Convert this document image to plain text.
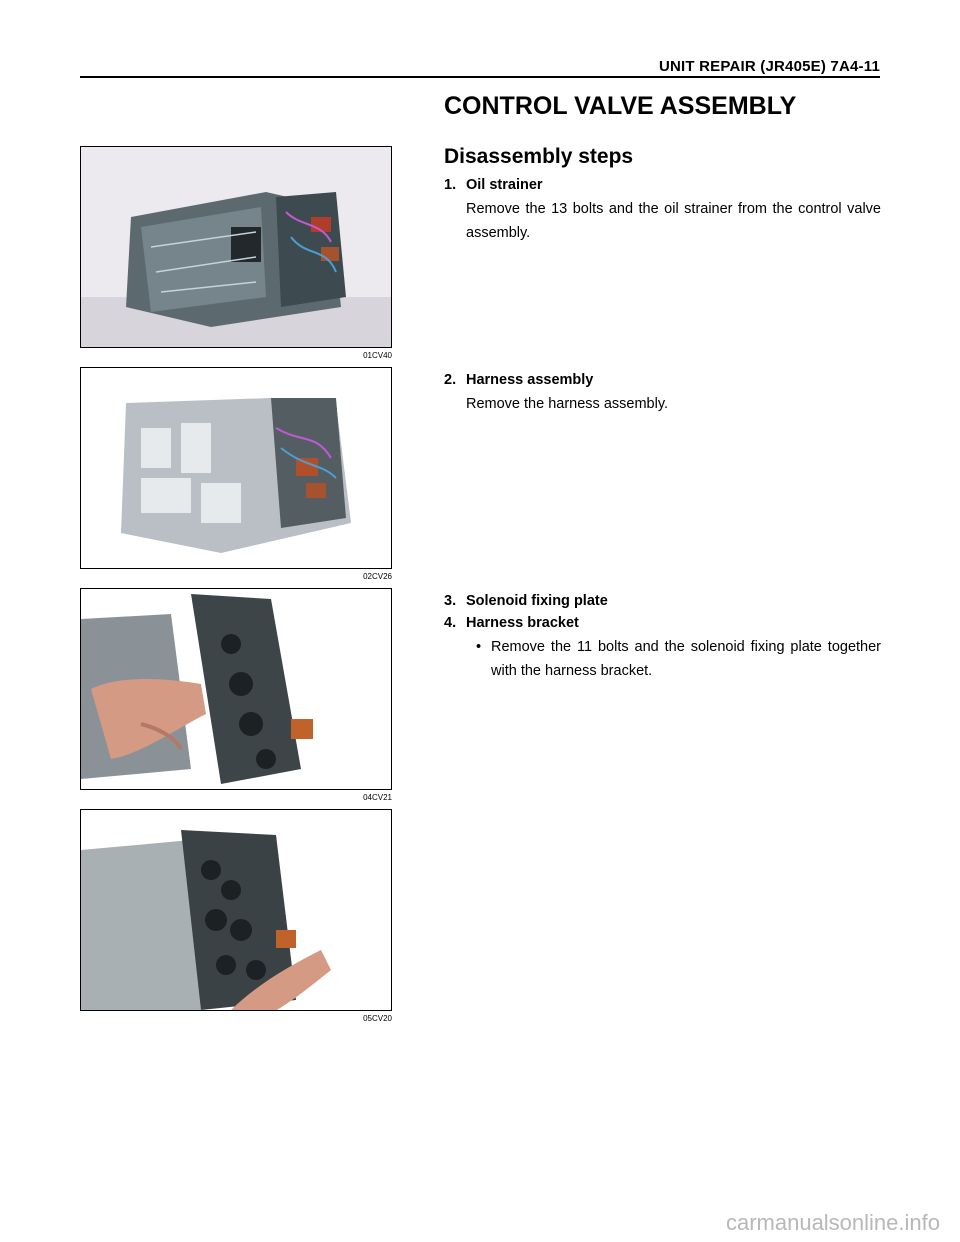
UNIT REPAIR (JR405E) 7A4-11
CONTROL VALVE ASSEMBLY
Disassembly steps
01CV40
02CV26
04CV21
05CV20
1. Oil strainer
Remove the 13 bolts and the oil strainer from the control valve assembly.
2. Harness assembly
Remove the harness assembly.
3. Solenoid fixing plate
4. Harness bracket
• Remove the 11 bolts and the solenoid fixing plate together with the harness bracket.
carmanualsonline.info
